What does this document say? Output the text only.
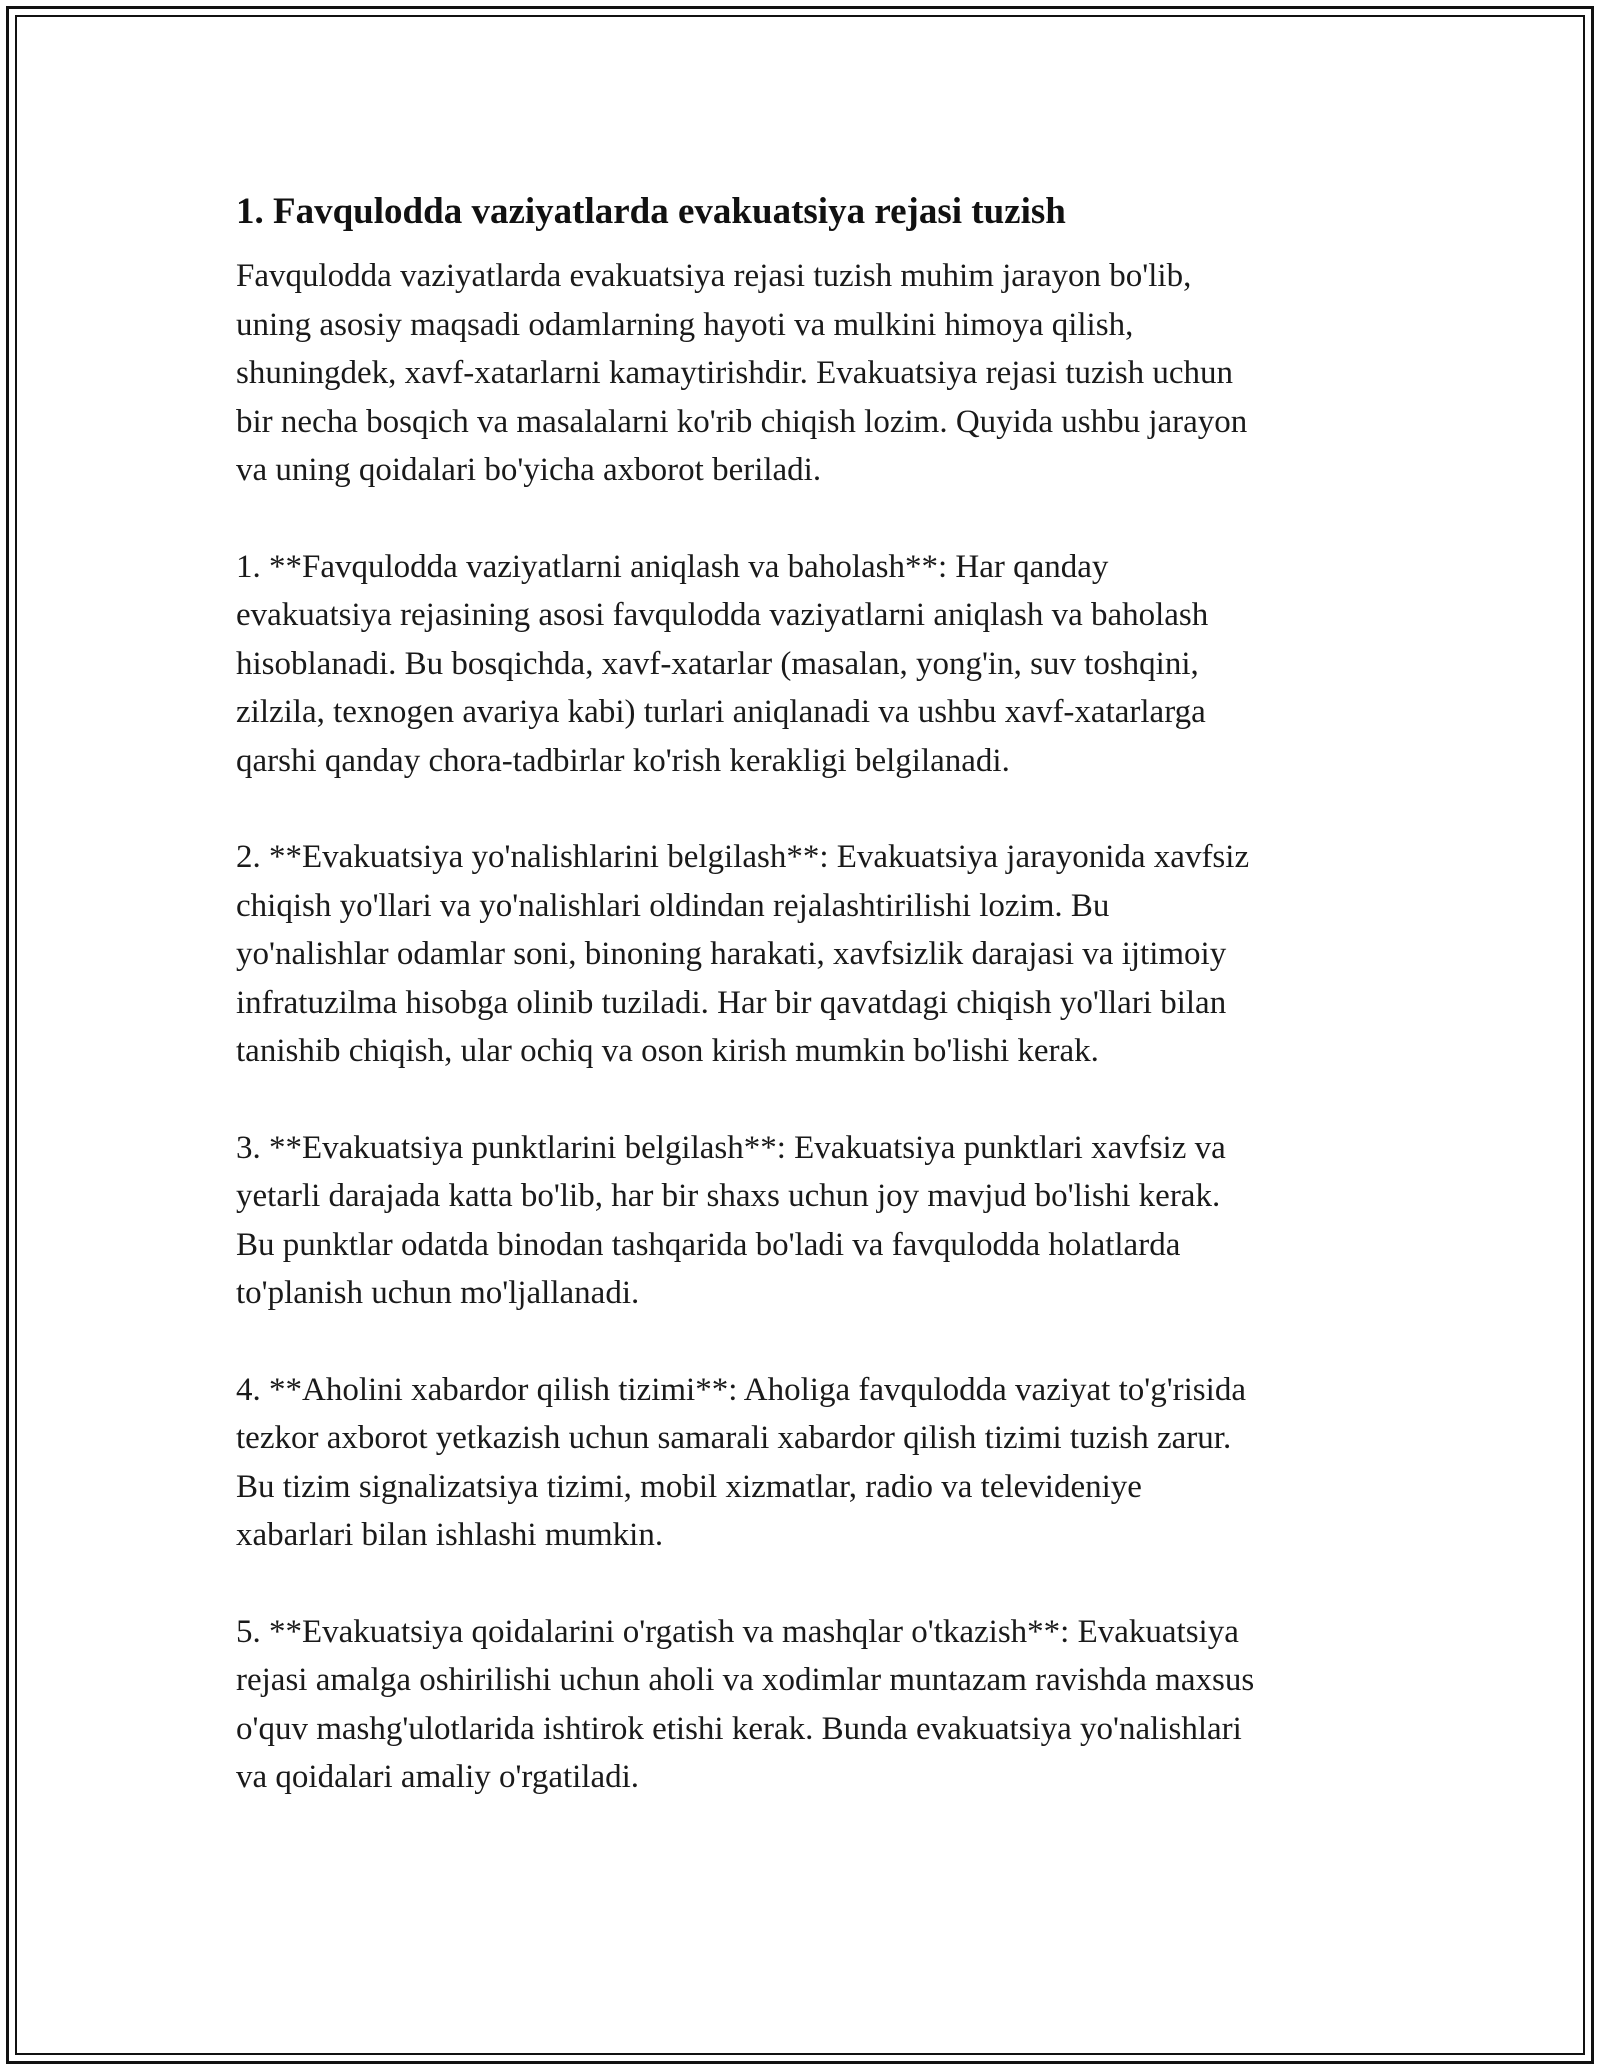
1. Favqulodda vaziyatlarda evakuatsiya rejasi tuzish

Favqulodda vaziyatlarda evakuatsiya rejasi tuzish muhim jarayon bo'lib,
uning asosiy maqsadi odamlarning hayoti va mulkini himoya qilish,
shuningdek, xavf-xatarlarni kamaytirishdir. Evakuatsiya rejasi tuzish uchun
bir necha bosqich va masalalarni ko'rib chiqish lozim. Quyida ushbu jarayon
va uning qoidalari bo'yicha axborot beriladi.

1. **Favqulodda vaziyatlarni aniqlash va baholash**: Har qanday
evakuatsiya rejasining asosi favqulodda vaziyatlarni aniqlash va baholash
hisoblanadi. Bu bosqichda, xavf-xatarlar (masalan, yong'in, suv toshqini,
zilzila, texnogen avariya kabi) turlari aniqlanadi va ushbu xavf-xatarlarga
qarshi qanday chora-tadbirlar ko'rish kerakligi belgilanadi.

2. **Evakuatsiya yo'nalishlarini belgilash**: Evakuatsiya jarayonida xavfsiz
chiqish yo'llari va yo'nalishlari oldindan rejalashtirilishi lozim. Bu
yo'nalishlar odamlar soni, binoning harakati, xavfsizlik darajasi va ijtimoiy
infratuzilma hisobga olinib tuziladi. Har bir qavatdagi chiqish yo'llari bilan
tanishib chiqish, ular ochiq va oson kirish mumkin bo'lishi kerak.

3. **Evakuatsiya punktlarini belgilash**: Evakuatsiya punktlari xavfsiz va
yetarli darajada katta bo'lib, har bir shaxs uchun joy mavjud bo'lishi kerak.
Bu punktlar odatda binodan tashqarida bo'ladi va favqulodda holatlarda
to'planish uchun mo'ljallanadi.

4. **Aholini xabardor qilish tizimi**: Aholiga favqulodda vaziyat to'g'risida
tezkor axborot yetkazish uchun samarali xabardor qilish tizimi tuzish zarur.
Bu tizim signalizatsiya tizimi, mobil xizmatlar, radio va televideniye
xabarlari bilan ishlashi mumkin.

5. **Evakuatsiya qoidalarini o'rgatish va mashqlar o'tkazish**: Evakuatsiya
rejasi amalga oshirilishi uchun aholi va xodimlar muntazam ravishda maxsus
o'quv mashg'ulotlarida ishtirok etishi kerak. Bunda evakuatsiya yo'nalishlari
va qoidalari amaliy o'rgatiladi.
